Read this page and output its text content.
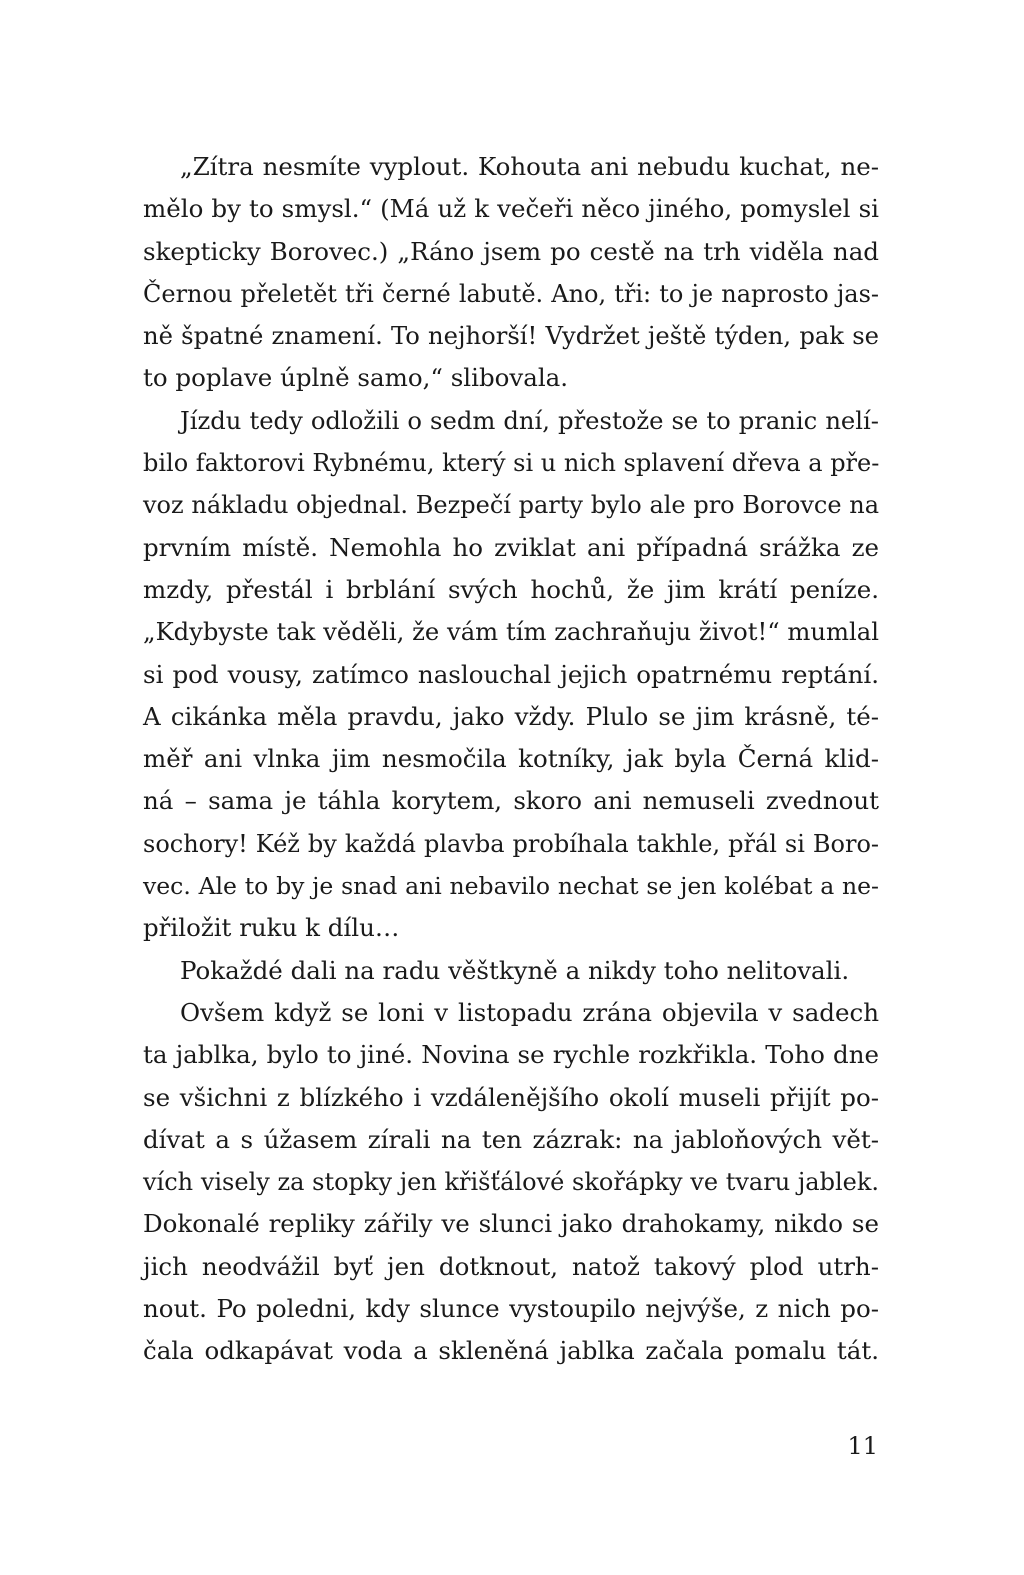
„Zítra nesmíte vyplout. Kohouta ani nebudu kuchat, ne-
mělo by to smysl.“ (Má už k večeři něco jiného, pomyslel si
skepticky Borovec.) „Ráno jsem po cestě na trh viděla nad
Černou přeletět tři černé labutě. Ano, tři: to je naprosto jas-
ně špatné znamení. To nejhorší! Vydržet ještě týden, pak se
to poplave úplně samo,“ slibovala.
Jízdu tedy odložili o sedm dní, přestože se to pranic nelí-
bilo faktorovi Rybnému, který si u nich splavení dřeva a pře-
voz nákladu objednal. Bezpečí party bylo ale pro Borovce na
prvním místě. Nemohla ho zviklat ani případná srážka ze
mzdy, přestál i brblání svých hochů, že jim krátí peníze.
„Kdybyste tak věděli, že vám tím zachraňuju život!“ mumlal
si pod vousy, zatímco naslouchal jejich opatrnému reptání.
A cikánka měla pravdu, jako vždy. Plulo se jim krásně, té-
měř ani vlnka jim nesmočila kotníky, jak byla Černá klid-
ná – sama je táhla korytem, skoro ani nemuseli zvednout
sochory! Kéž by každá plavba probíhala takhle, přál si Boro-
vec. Ale to by je snad ani nebavilo nechat se jen kolébat a ne-
přiložit ruku k dílu…
Pokaždé dali na radu věštkyně a nikdy toho nelitovali.
Ovšem když se loni v listopadu zrána objevila v sadech
ta jablka, bylo to jiné. Novina se rychle rozkřikla. Toho dne
se všichni z blízkého i vzdálenějšího okolí museli přijít po-
dívat a s úžasem zírali na ten zázrak: na jabloňových vět-
vích visely za stopky jen křišťálové skořápky ve tvaru jablek.
Dokonalé repliky zářily ve slunci jako drahokamy, nikdo se
jich neodvážil byť jen dotknout, natož takový plod utrh-
nout. Po poledni, kdy slunce vystoupilo nejvýše, z nich po-
čala odkapávat voda a skleněná jablka začala pomalu tát.
11
